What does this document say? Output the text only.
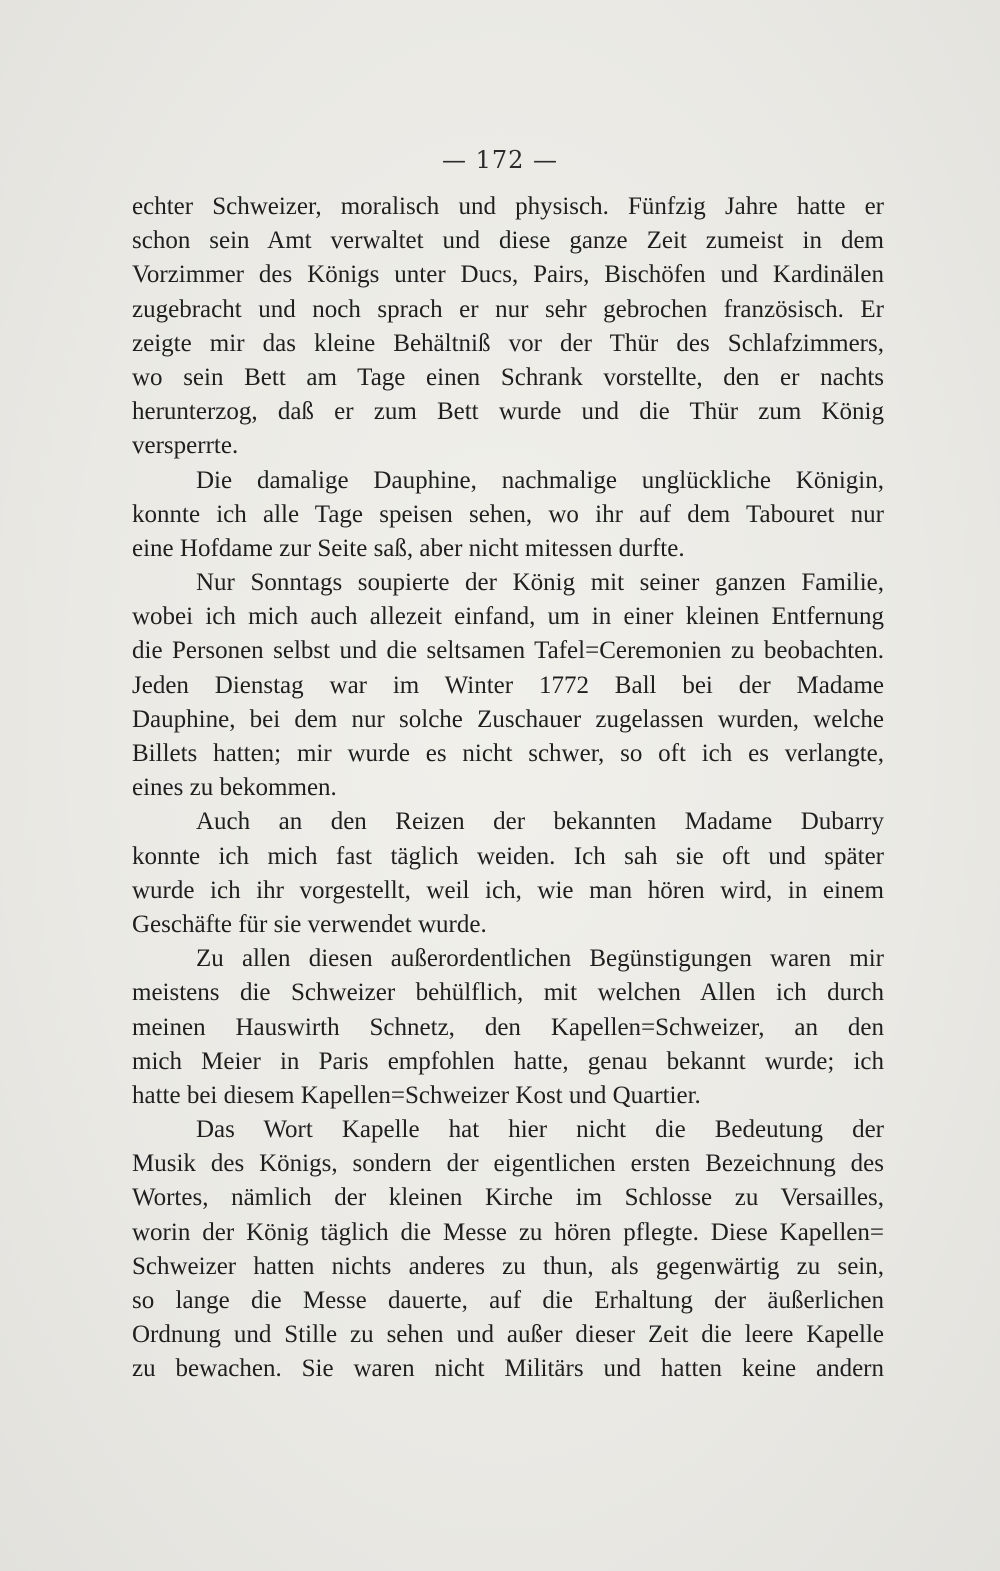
— 172 —
echter Schweizer, moralisch und physisch. Fünfzig Jahre hatte er
schon sein Amt verwaltet und diese ganze Zeit zumeist in dem
Vorzimmer des Königs unter Ducs, Pairs, Bischöfen und Kardinälen
zugebracht und noch sprach er nur sehr gebrochen französisch. Er
zeigte mir das kleine Behältniß vor der Thür des Schlafzimmers,
wo sein Bett am Tage einen Schrank vorstellte, den er nachts
herunterzog, daß er zum Bett wurde und die Thür zum König
versperrte.
Die damalige Dauphine, nachmalige unglückliche Königin,
konnte ich alle Tage speisen sehen, wo ihr auf dem Tabouret nur
eine Hofdame zur Seite saß, aber nicht mitessen durfte.
Nur Sonntags soupierte der König mit seiner ganzen Familie,
wobei ich mich auch allezeit einfand, um in einer kleinen Entfernung
die Personen selbst und die seltsamen Tafel=Ceremonien zu beobachten.
Jeden Dienstag war im Winter 1772 Ball bei der Madame
Dauphine, bei dem nur solche Zuschauer zugelassen wurden, welche
Billets hatten; mir wurde es nicht schwer, so oft ich es verlangte,
eines zu bekommen.
Auch an den Reizen der bekannten Madame Dubarry
konnte ich mich fast täglich weiden. Ich sah sie oft und später
wurde ich ihr vorgestellt, weil ich, wie man hören wird, in einem
Geschäfte für sie verwendet wurde.
Zu allen diesen außerordentlichen Begünstigungen waren mir
meistens die Schweizer behülflich, mit welchen Allen ich durch
meinen Hauswirth Schnetz, den Kapellen=Schweizer, an den
mich Meier in Paris empfohlen hatte, genau bekannt wurde; ich
hatte bei diesem Kapellen=Schweizer Kost und Quartier.
Das Wort Kapelle hat hier nicht die Bedeutung der
Musik des Königs, sondern der eigentlichen ersten Bezeichnung des
Wortes, nämlich der kleinen Kirche im Schlosse zu Versailles,
worin der König täglich die Messe zu hören pflegte. Diese Kapellen=
Schweizer hatten nichts anderes zu thun, als gegenwärtig zu sein,
so lange die Messe dauerte, auf die Erhaltung der äußerlichen
Ordnung und Stille zu sehen und außer dieser Zeit die leere Kapelle
zu bewachen. Sie waren nicht Militärs und hatten keine andern
